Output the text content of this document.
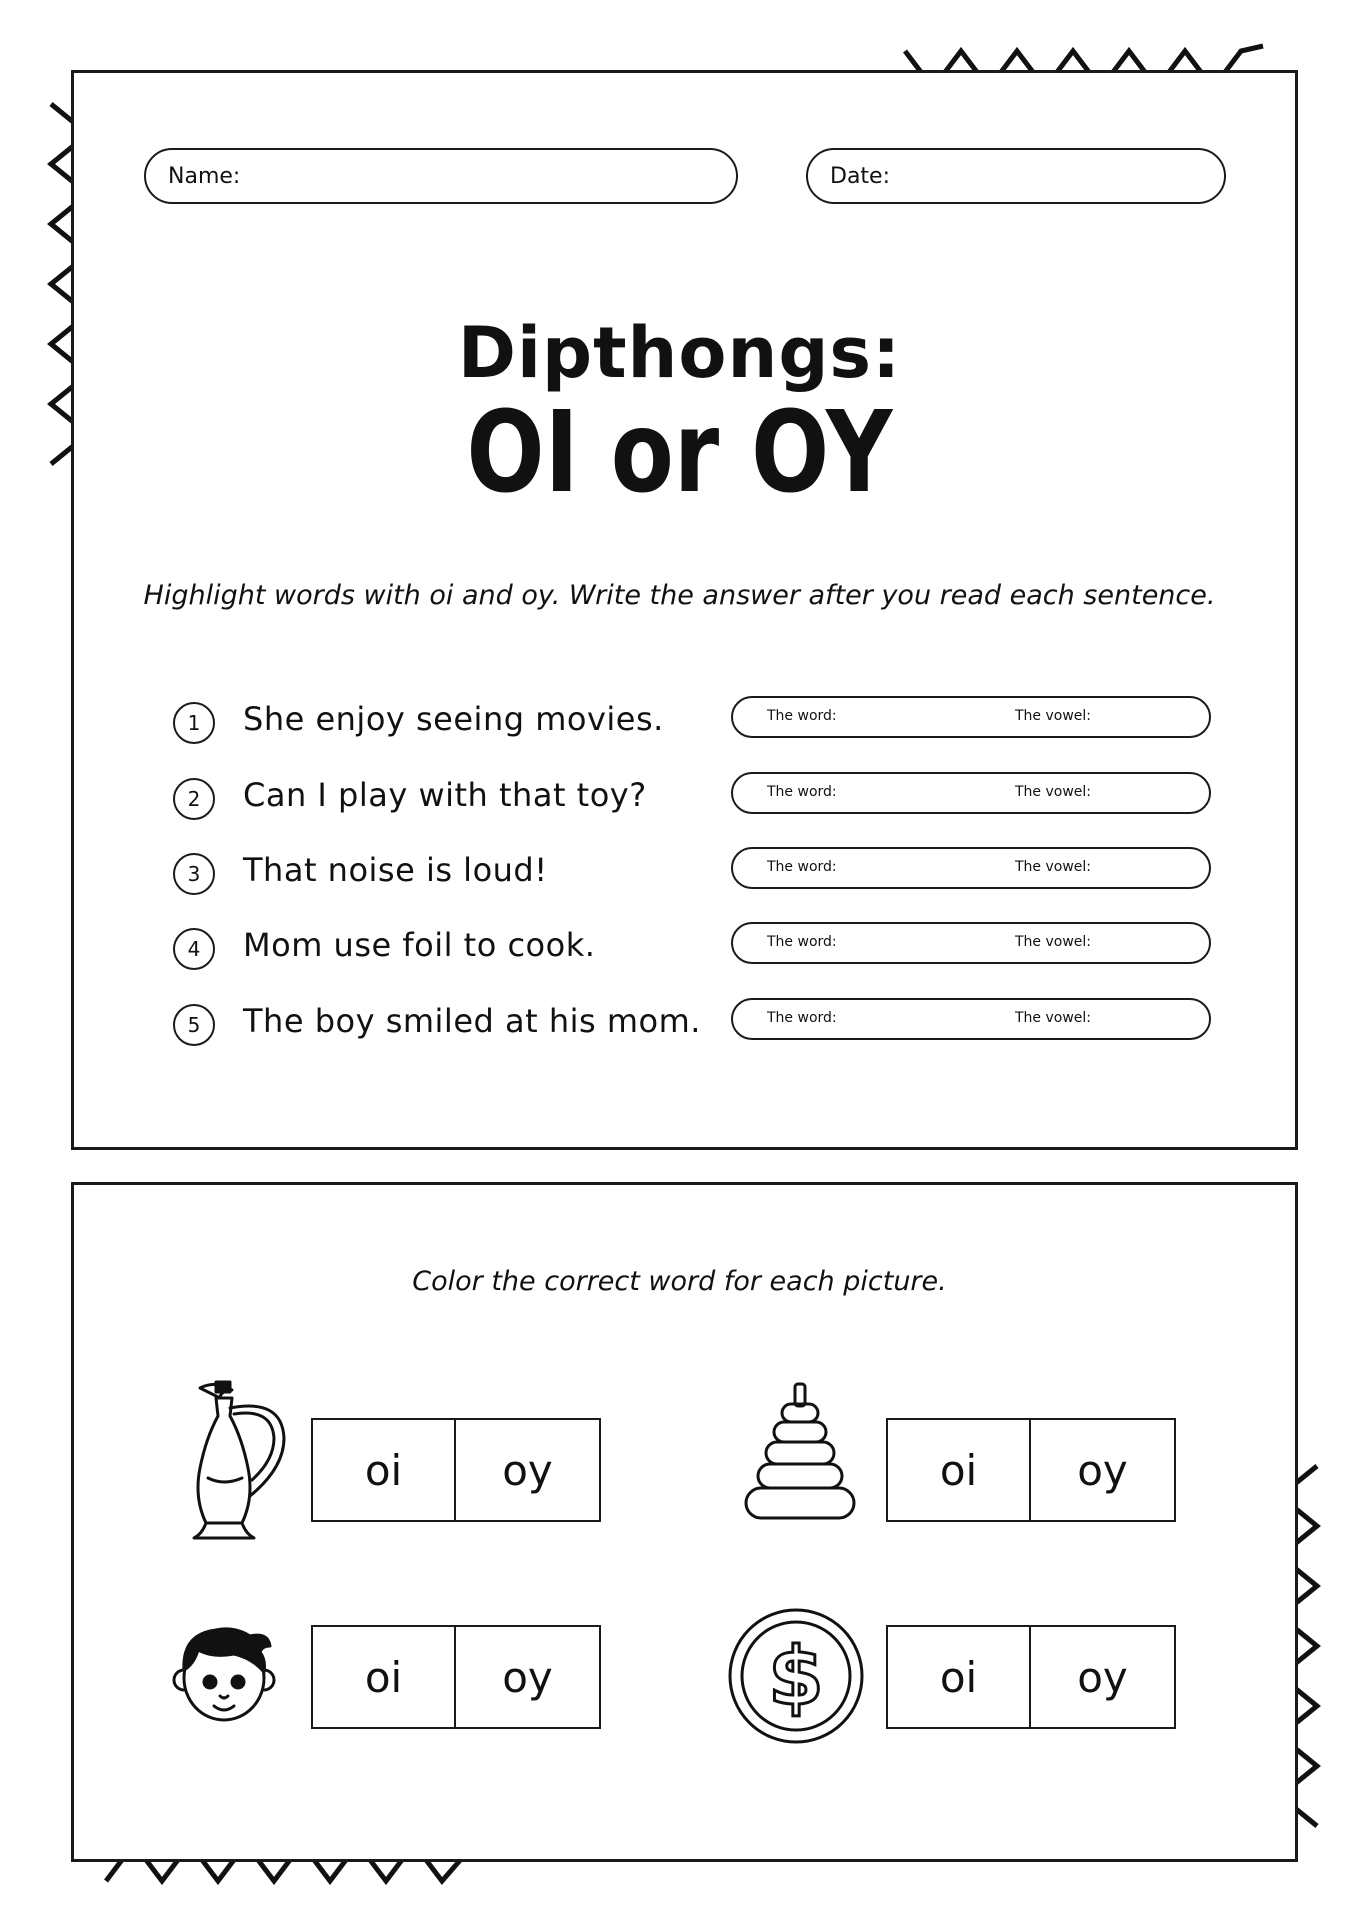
Name:	Date:
Dipthongs:
OI or OY
Highlight words with oi and oy. Write the answer after you read each sentence.
1	She enjoy seeing movies.	The word:	The vowel:
2	Can I play with that toy?	The word:	The vowel:
3	That noise is loud!	The word:	The vowel:
4	Mom use foil to cook.	The word:	The vowel:
5	The boy smiled at his mom.	The word:	The vowel:
Color the correct word for each picture.
oi	oy	oi	oy
oi	oy	$	oi	oy
